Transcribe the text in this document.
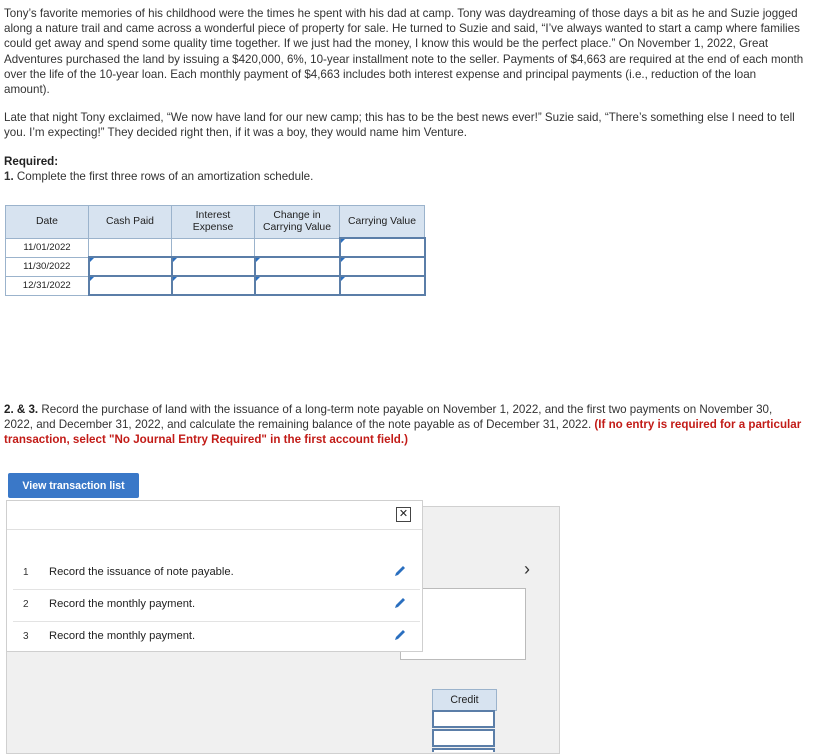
Tony’s favorite memories of his childhood were the times he spent with his dad at camp. Tony was daydreaming of those days a bit as he and Suzie jogged along a nature trail and came across a wonderful piece of property for sale. He turned to Suzie and said, “I’ve always wanted to start a camp where families could get away and spend some quality time together. If we just had the money, I know this would be the perfect place.” On November 1, 2022, Great Adventures purchased the land by issuing a $420,000, 6%, 10-year installment note to the seller. Payments of $4,663 are required at the end of each month over the life of the 10-year loan. Each monthly payment of $4,663 includes both interest expense and principal payments (i.e., reduction of the loan amount).
Late that night Tony exclaimed, “We now have land for our new camp; this has to be the best news ever!” Suzie said, “There’s something else I need to tell you. I’m expecting!” They decided right then, if it was a boy, they would name him Venture.
Required:
1. Complete the first three rows of an amortization schedule.
Date	Cash Paid	Interest Expense	Change in Carrying Value	Carrying Value
11/01/2022				
11/30/2022				
12/31/2022				
2. & 3. Record the purchase of land with the issuance of a long-term note payable on November 1, 2022, and the first two payments on November 30, 2022, and December 31, 2022, and calculate the remaining balance of the note payable as of December 31, 2022. (If no entry is required for a particular transaction, select "No Journal Entry Required" in the first account field.)
View transaction list
›
Credit
✕
1 Record the issuance of note payable.
2 Record the monthly payment.
3 Record the monthly payment.
